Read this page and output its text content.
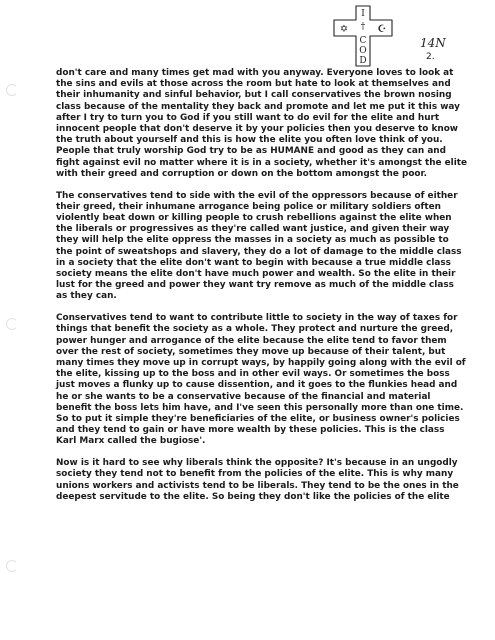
I
†
C
O
D
✡	☪
14N
2.

don't care and many times get mad with you anyway. Everyone loves to look at
the sins and evils at those across the room but hate to look at themselves and
their inhumanity and sinful behavior, but I call conservatives the brown nosing
class because of the mentality they back and promote and let me put it this way
after I try to turn you to God if you still want to do evil for the elite and hurt
innocent people that don't deserve it by your policies then you deserve to know
the truth about yourself and this is how the elite you often love think of you.
People that truly worship God try to be as HUMANE and good as they can and
fight against evil no matter where it is in a society, whether it's amongst the elite
with their greed and corruption or down on the bottom amongst the poor.

The conservatives tend to side with the evil of the oppressors because of either
their greed, their inhumane arrogance being police or military soldiers often
violently beat down or killing people to crush rebellions against the elite when
the liberals or progressives as they're called want justice, and given their way
they will help the elite oppress the masses in a society as much as possible to
the point of sweatshops and slavery, they do a lot of damage to the middle class
in a society that the elite don't want to begin with because a true middle class
society means the elite don't have much power and wealth. So the elite in their
lust for the greed and power they want try remove as much of the middle class
as they can.

Conservatives tend to want to contribute little to society in the way of taxes for
things that benefit the society as a whole. They protect and nurture the greed,
power hunger and arrogance of the elite because the elite tend to favor them
over the rest of society, sometimes they move up because of their talent, but
many times they move up in corrupt ways, by happily going along with the evil of
the elite, kissing up to the boss and in other evil ways. Or sometimes the boss
just moves a flunky up to cause dissention, and it goes to the flunkies head and
he or she wants to be a conservative because of the financial and material
benefit the boss lets him have, and I've seen this personally more than one time.
So to put it simple they're beneficiaries of the elite, or business owner's policies
and they tend to gain or have more wealth by these policies. This is the class
Karl Marx called the bugiose'.

Now is it hard to see why liberals think the opposite? It's because in an ungodly
society they tend not to benefit from the policies of the elite. This is why many
unions workers and activists tend to be liberals. They tend to be the ones in the
deepest servitude to the elite. So being they don't like the policies of the elite
